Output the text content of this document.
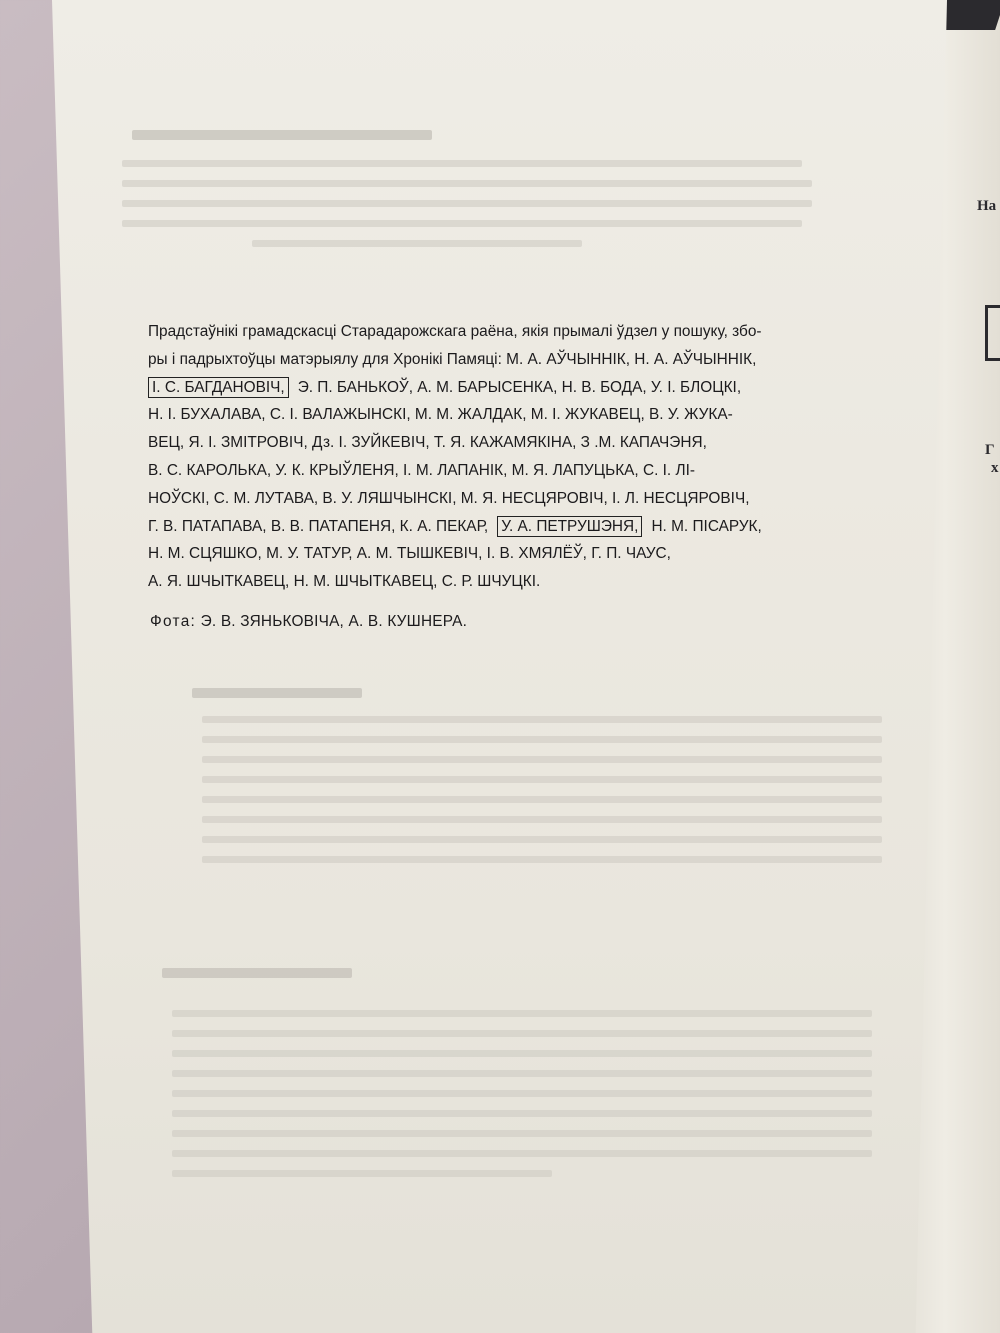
На
Г
х
Прадстаўнікі грамадскасці Старадарожскага раёна, якія прымалі ўдзел у пошуку, збо-
ры і падрыхтоўцы матэрыялу для Хронікі Памяці: М. А. АЎЧЫННІК, Н. А. АЎЧЫННІК,
І. С. БАГДАНОВІЧ, Э. П. БАНЬКОЎ, А. М. БАРЫСЕНКА, Н. В. БОДА, У. І. БЛОЦКІ,
Н. І. БУХАЛАВА, С. І. ВАЛАЖЫНСКІ, М. М. ЖАЛДАК, М. І. ЖУКАВЕЦ, В. У. ЖУКА-
ВЕЦ, Я. І. ЗМІТРОВІЧ, Дз. І. ЗУЙКЕВІЧ, Т. Я. КАЖАМЯКІНА, З .М. КАПАЧЭНЯ,
В. С. КАРОЛЬКА, У. К. КРЫЎЛЕНЯ, І. М. ЛАПАНІК, М. Я. ЛАПУЦЬКА, С. І. ЛІ-
НОЎСКІ, С. М. ЛУТАВА, В. У. ЛЯШЧЫНСКІ, М. Я. НЕСЦЯРОВІЧ, І. Л. НЕСЦЯРОВІЧ,
Г. В. ПАТАПАВА, В. В. ПАТАПЕНЯ, К. А. ПЕКАР, У. А. ПЕТРУШЭНЯ, Н. М. ПІСАРУК,
Н. М. СЦЯШКО, М. У. ТАТУР, А. М. ТЫШКЕВІЧ, І. В. ХМЯЛЁЎ, Г. П. ЧАУС,
А. Я. ШЧЫТКАВЕЦ, Н. М. ШЧЫТКАВЕЦ, С. Р. ШЧУЦКІ.
Фота: Э. В. ЗЯНЬКОВІЧА, А. В. КУШНЕРА.
